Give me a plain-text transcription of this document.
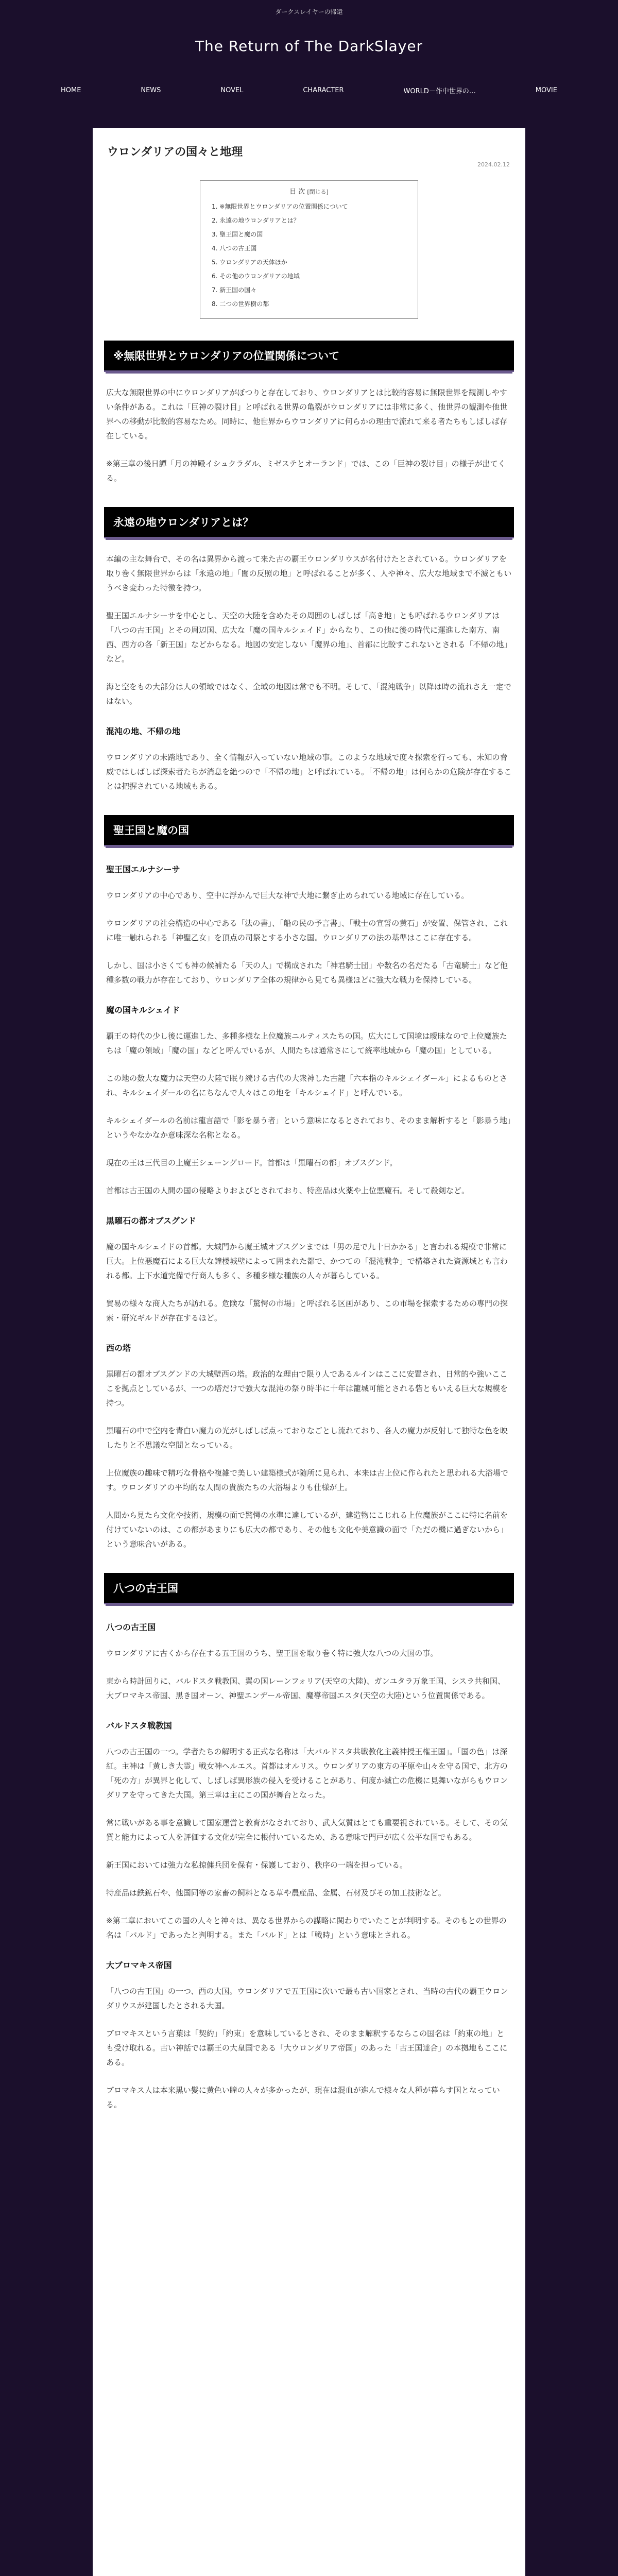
ダークスレイヤーの帰還
The Return of The DarkSlayer
HOME	NEWS	NOVEL	CHARACTER	WORLD－作中世界の…	MOVIE
ウロンダリアの国々と地理
2024.02.12
目 次 [閉じる]
1. ※無限世界とウロンダリアの位置関係について
2. 永遠の地ウロンダリアとは？
3. 聖王国と魔の国
4. 八つの古王国
5. ウロンダリアの天体ほか
6. その他のウロンダリアの地域
7. 新王国の国々
8. 二つの世界樹の都
※無限世界とウロンダリアの位置関係について

広大な無限世界の中にウロンダリアがぼつりと存在しており、ウロンダリアとは比較的容易に無限世界を観測しやすい条件がある。これは「巨神の裂け目」と呼ばれる世界の亀裂がウロンダリアには非常に多く、他世界の観測や他世界への移動が比較的容易なため。同時に、他世界からウロンダリアに何らかの理由で流れて来る者たちもしばしば存在している。

※第三章の後日譚「月の神殿イシュクラダル、ミゼステとオーランド」では、この「巨神の裂け目」の様子が出てくる。

永遠の地ウロンダリアとは？

本編の主な舞台で、その名は異界から渡って来た古の覇王ウロンダリウスが名付けたとされている。ウロンダリアを取り巻く無限世界からは「永遠の地」「闇の反照の地」と呼ばれることが多く、人や神々、広大な地域まで不滅ともいうべき変わった特徴を持つ。

聖王国エルナシーサを中心とし、天空の大陸を含めたその周囲のしばしば「高き地」とも呼ばれるウロンダリアは「八つの古王国」とその周辺国、広大な「魔の国キルシェイド」からなり、この他に後の時代に運進した南方、南西、西方の各「新王国」などからなる。地図の安定しない「魔界の地」、首都に比較すこれないとされる「不帰の地」など。

海と空をもの大部分は人の領域ではなく、全域の地図は常でも不明。そして、「混沌戦争」以降は時の流れさえ一定ではない。

混沌の地、不帰の地

ウロンダリアの未踏地であり、全く情報が入っていない地域の事。このような地域で度々探索を行っても、未知の脅威ではしばしば探索者たちが消息を絶つので「不帰の地」と呼ばれている。「不帰の地」は何らかの危険が存在することは把握されている地域もある。

聖王国と魔の国
聖王国エルナシーサ

ウロンダリアの中心であり、空中に浮かんで巨大な神で大地に繋ぎ止められている地域に存在している。

ウロンダリアの社会構造の中心である「法の書」、「船の民の予言書」、「戦士の宣誓の黄石」が安置、保管され、これに唯一触れられる「神聖乙女」を頂点の司祭とする小さな国。ウロンダリアの法の基準はここに存在する。

しかし、国は小さくても神の候補たる「天の人」で構成された「神君騎士団」や数名の名だたる「古竜騎士」など他種多数の戦力が存在しており、ウロンダリア全体の規律から見ても異様ほどに強大な戦力を保持している。

魔の国キルシェイド

覇王の時代の少し後に運進した、多種多様な上位魔族ニルティスたちの国。広大にして国境は曖昧なので上位魔族たちは「魔の領域」「魔の国」などと呼んでいるが、人間たちは通常さにして統率地域から「魔の国」としている。

この地の数大な魔力は天空の大陸で眠り続ける古代の大衆神した古龍「六本指のキルシェイダール」によるものとされ、キルシェイダールの名にちなんで人々はこの地を「キルシェイド」と呼んでいる。

キルシェイダールの名前は龍言語で「影を暴う者」という意味になるとされており、そのまま解析すると「影暴う地」というやなかなか意味深な名称となる。

現在の王は三代目の上魔王シェーングロード。首都は「黒曜石の都」オブスグンド。

首都は古王国の人間の国の侵略よりおよびとされており、特産品は火薬や上位悪魔石。そして殺剣など。

黒曜石の都オブスグンド

魔の国キルシェイドの首都。大城門から魔王城オブスグンまでは「男の足で九十日かかる」と言われる規模で非常に巨大。上位悪魔石による巨大な鐘楼城壁によって囲まれた都で、かつての「混沌戦争」で構築された資源城とも言われる都。上下水道完備で行商人も多く、多種多様な種族の人々が暮らしている。

貿易の様々な商人たちが訪れる。危険な「驚愕の市場」と呼ばれる区画があり、この市場を探索するための専門の探索・研究ギルドが存在するほど。

西の塔

黒曜石の都オブスグンドの大城壁西の塔。政治的な理由で限り人であるルインはここに安置され、日常的や強いこここを拠点としているが、一つの塔だけで強大な混沌の祭り時半に十年は籠城可能とされる砦ともいえる巨大な規模を持つ。

黒曜石の中で空内を青白い魔力の光がしばしば点っておりなごとし流れており、各人の魔力が反射して独特な色を映したりと不思議な空間となっている。

上位魔族の趣味で精巧な骨格や複雑で美しい建築様式が随所に見られ、本来は古上位に作られたと思われる大浴場です。ウロンダリアの平均的な人間の貴族たちの大浴場よりも仕様が上。

人間から見たら文化や技術、規模の面で驚愕の水準に達しているが、建造物にこじれる上位魔族がここに特に名前を付けていないのは、この都があまりにも広大の都であり、その他も文化や美意識の面で「ただの機に過ぎないから」という意味合いがある。

八つの古王国
八つの古王国

ウロンダリアに古くから存在する五王国のうち、聖王国を取り巻く特に強大な八つの大国の事。

東から時計回りに、バルドスタ戦教国、翼の国レーンフォリア(天空の大陸)、ガンユタラ万象王国、シスラ共和国、大ブロマキス帝国、黒き国オーン、神聖エンデール帝国、魔導帝国エスタ(天空の大陸)という位置関係である。

バルドスタ戦教国

八つの古王国の一つ。学者たちの解明する正式な名称は「大バルドスタ共戦教化主義神授王権王国」。「国の色」は深紅。主神は「黄しき大霊」戦女神ヘルエス。首都はオルリス。ウロンダリアの東方の平原や山々を守る国で、北方の「死の方」が異界と化して、しばしば異形族の侵入を受けることがあり、何度か滅亡の危機に見舞いながらもウロンダリアを守ってきた大国。第三章は主にこの国が舞台となった。

常に戦いがある事を意識して国家運営と教育がなされており、武人気質はとても重要視されている。そして、その気質と能力によって人を評価する文化が完全に根付いているため、ある意味で門戸が広く公平な国でもある。

新王国においては強力な私掠傭兵団を保有・保護しており、秩序の一端を担っている。

特産品は鉄鉱石や、他国同等の家畜の飼料となる草や農産品、金属、石材及びその加工技術など。

※第二章においてこの国の人々と神々は、異なる世界からの謀略に関わりでいたことが判明する。そのもとの世界の名は「バルド」であったと判明する。また「バルド」とは「戦時」という意味とされる。

大ブロマキス帝国

「八つの古王国」の一つ、西の大国。ウロンダリアで五王国に次いで最も古い国家とされ、当時の古代の覇王ウロンダリウスが建国したとされる大国。

ブロマキスという言葉は「契約」「約束」を意味しているとされ、そのまま解釈するならこの国名は「約束の地」とも受け取れる。古い神話では覇王の大皇国である「大ウロンダリア帝国」のあった「古王国達合」の本拠地もここにある。

ブロマキス人は本来黒い髪に黄色い瞳の人々が多かったが、現在は混血が進んで様々な人種が暮らす国となっている。
